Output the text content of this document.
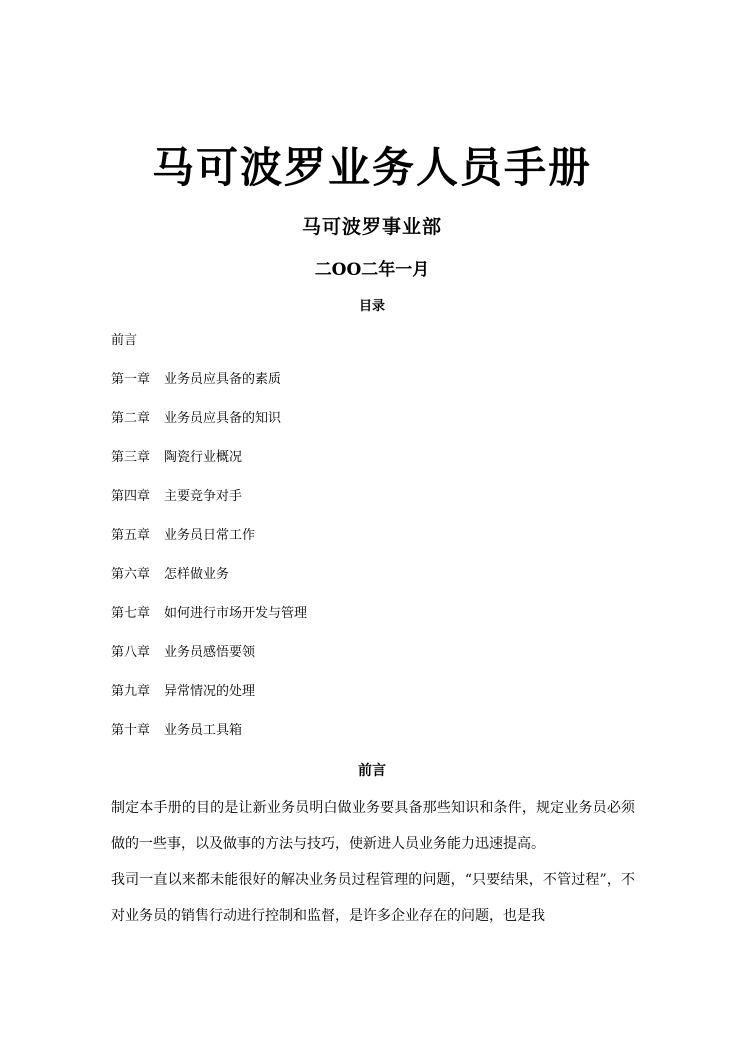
马可波罗业务人员手册
马可波罗事业部
二OO二年一月
目录
前言
第一章 业务员应具备的素质
第二章 业务员应具备的知识
第三章 陶瓷行业概况
第四章 主要竞争对手
第五章 业务员日常工作
第六章 怎样做业务
第七章 如何进行市场开发与管理
第八章 业务员感悟要领
第九章 异常情况的处理
第十章 业务员工具箱
前言

制定本手册的目的是让新业务员明白做业务要具备那些知识和条件，规定业务员必须做的一些事，以及做事的方法与技巧，使新进人员业务能力迅速提高。

我司一直以来都未能很好的解决业务员过程管理的问题，“只要结果，不管过程”，不对业务员的销售行动进行控制和监督，是许多企业存在的问题，也是我
